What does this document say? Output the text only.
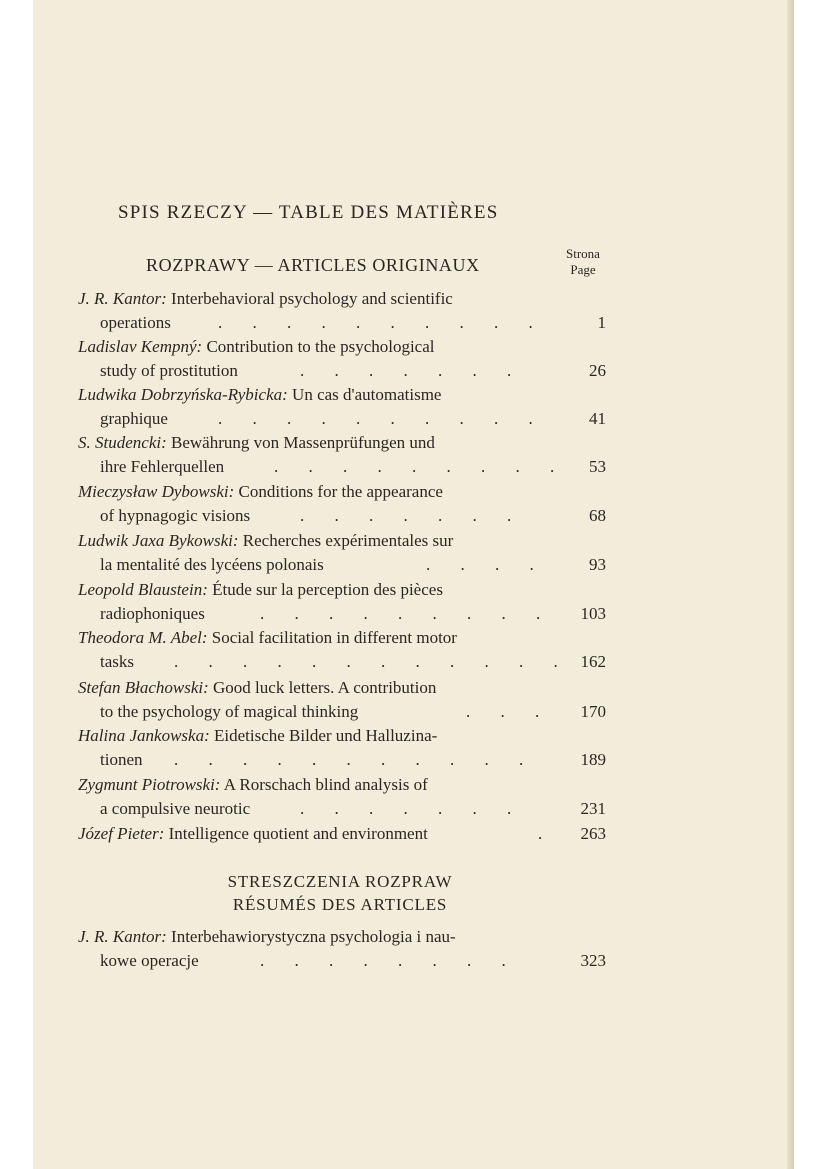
SPIS RZECZY — TABLE DES MATIÈRES
ROZPRAWY — ARTICLES ORIGINAUX
Strona
Page
J. R. Kantor: Interbehavioral psychology and scientific
operations	. . . . . . . . . .	1
Ladislav Kempný: Contribution to the psychological
study of prostitution	. . . . . . .	26
Ludwika Dobrzyńska-Rybicka: Un cas d'automatisme
graphique	. . . . . . . . . .	41
S. Studencki: Bewährung von Massenprüfungen und
ihre Fehlerquellen	. . . . . . . . . 53
Mieczysław Dybowski: Conditions for the appearance
of hypnagogic visions	. . . . . . .	68
Ludwik Jaxa Bykowski: Recherches expérimentales sur
la mentalité des lycéens polonais	. . . . 93
Leopold Blaustein: Étude sur la perception des pièces
radiophoniques	. . . . . . . . . 103
Theodora M. Abel: Social facilitation in different motor
tasks . . . . . . . . . . . . 162
Stefan Błachowski: Good luck letters. A contribution
to the psychology of magical thinking	. . . 170
Halina Jankowska: Eidetische Bilder und Halluzina-
tionen . . . . . . . . . . .	189
Zygmunt Piotrowski: A Rorschach blind analysis of
a compulsive neurotic	. . . . . . .	231
Józef Pieter: Intelligence quotient and environment	. 263
STRESZCZENIA ROZPRAW
RÉSUMÉS DES ARTICLES
J. R. Kantor: Interbehawiorystyczna psychologia i nau-
kowe operacje	. . . . . . . .	323
